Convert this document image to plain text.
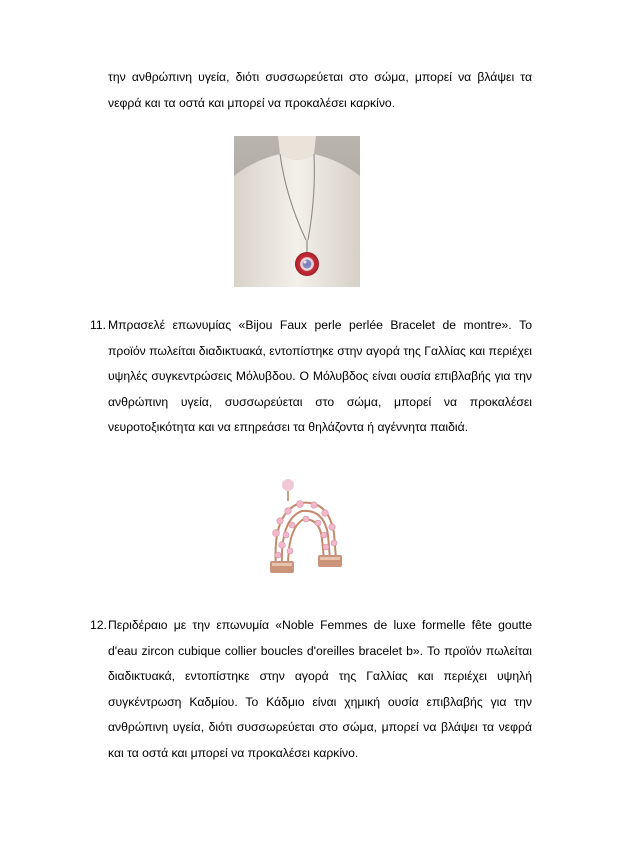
την ανθρώπινη υγεία, διότι συσσωρεύεται στο σώμα, μπορεί να βλάψει τα

νεφρά και τα οστά και μπορεί να προκαλέσει καρκίνο.

11. Μπρασελέ επωνυμίας «Bijou Faux perle perlée Bracelet de montre». Το προϊόν πωλείται διαδικτυακά, εντοπίστηκε στην αγορά της Γαλλίας και περιέχει υψηλές συγκεντρώσεις Μόλυβδου. Ο Μόλυβδος είναι ουσία επιβλαβής για την ανθρώπινη υγεία, συσσωρεύεται στο σώμα, μπορεί να προκαλέσει νευροτοξικότητα και να επηρεάσει τα θηλάζοντα ή αγέννητα παιδιά.

12. Περιδέραιο με την επωνυμία «Noble Femmes de luxe formelle fête goutte d'eau zircon cubique collier boucles d'oreilles bracelet b». Το προϊόν πωλείται διαδικτυακά, εντοπίστηκε στην αγορά της Γαλλίας και περιέχει υψηλή συγκέντρωση Καδμίου. Το Κάδμιο είναι χημική ουσία επιβλαβής για την ανθρώπινη υγεία, διότι συσσωρεύεται στο σώμα, μπορεί να βλάψει τα νεφρά και τα οστά και μπορεί να προκαλέσει καρκίνο.
